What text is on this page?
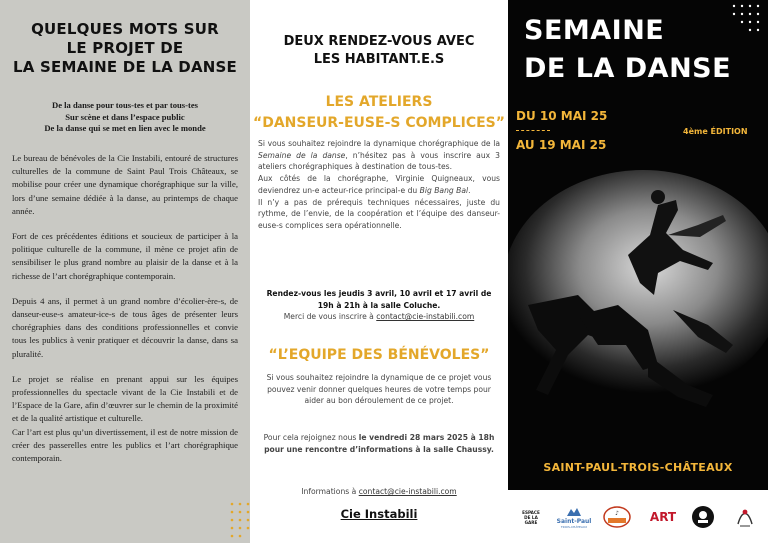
QUELQUES MOTS SUR
LE PROJET DE
LA SEMAINE DE LA DANSE
De la danse pour tous-tes et par tous-tes
Sur scène et dans l’espace public
De la danse qui se met en lien avec le monde

Le bureau de bénévoles de la Cie Instabili, entouré de structures culturelles de la commune de Saint Paul Trois Châteaux, se mobilise pour créer une dynamique chorégraphique sur la ville, lors d’une semaine dédiée à la danse, au printemps de chaque année.

Fort de ces précédentes éditions et soucieux de participer à la politique culturelle de la commune, il mène ce projet afin de sensibiliser le plus grand nombre au plaisir de la danse et à la richesse de l’art chorégraphique contemporain.

Depuis 4 ans, il permet à un grand nombre d’écolier-ère-s, de danseur-euse-s amateur-ice-s de tous âges de présenter leurs chorégraphies dans des conditions professionnelles et convie tous les publics à venir pratiquer et découvrir la danse, dans sa pluralité.

Le projet se réalise en prenant appui sur les équipes professionnelles du spectacle vivant de la Cie Instabili et de l’Espace de la Gare, afin d’œuvrer sur le chemin de la proximité et de la qualité artistique et culturelle.

Car l’art est plus qu’un divertissement, il est de notre mission de créer des passerelles entre les publics et l’art chorégraphique contemporain.

DEUX RENDEZ-VOUS AVEC
LES HABITANT.E.S
LES ATELIERS
“DANSEUR-EUSE-S COMPLICES”
Si vous souhaitez rejoindre la dynamique chorégraphique de la Semaine de la danse, n’hésitez pas à vous inscrire aux 3 ateliers chorégraphiques à destination de tous-tes.
Aux côtés de la chorégraphe, Virginie Quigneaux, vous deviendrez un-e acteur-rice principal-e du Big Bang Bal.
Il n’y a pas de prérequis techniques nécessaires, juste du rythme, de l’envie, de la coopération et l’équipe des danseur-euse-s complices sera opérationnelle.
Rendez-vous les jeudis 3 avril, 10 avril et 17 avril de 19h à 21h à la salle Coluche.
Merci de vous inscrire à contact@cie-instabili.com
“L’EQUIPE DES BÉNÉVOLES”
Si vous souhaitez rejoindre la dynamique de ce projet vous pouvez venir donner quelques heures de votre temps pour aider au bon déroulement de ce projet.
Pour cela rejoignez nous le vendredi 28 mars 2025 à 18h pour une rencontre d’informations à la salle Chaussy.
Informations à contact@cie-instabili.com
Cie Instabili
SEMAINE
DE LA DANSE
DU 10 MAI 25
AU 19 MAI 25
4ème ÉDITION
SAINT-PAUL-TROIS-CHÂTEAUX
ESPACE
DE LA
GARE	Saint-Paul
TROIS-CHÂTEAUX
♪	ART
